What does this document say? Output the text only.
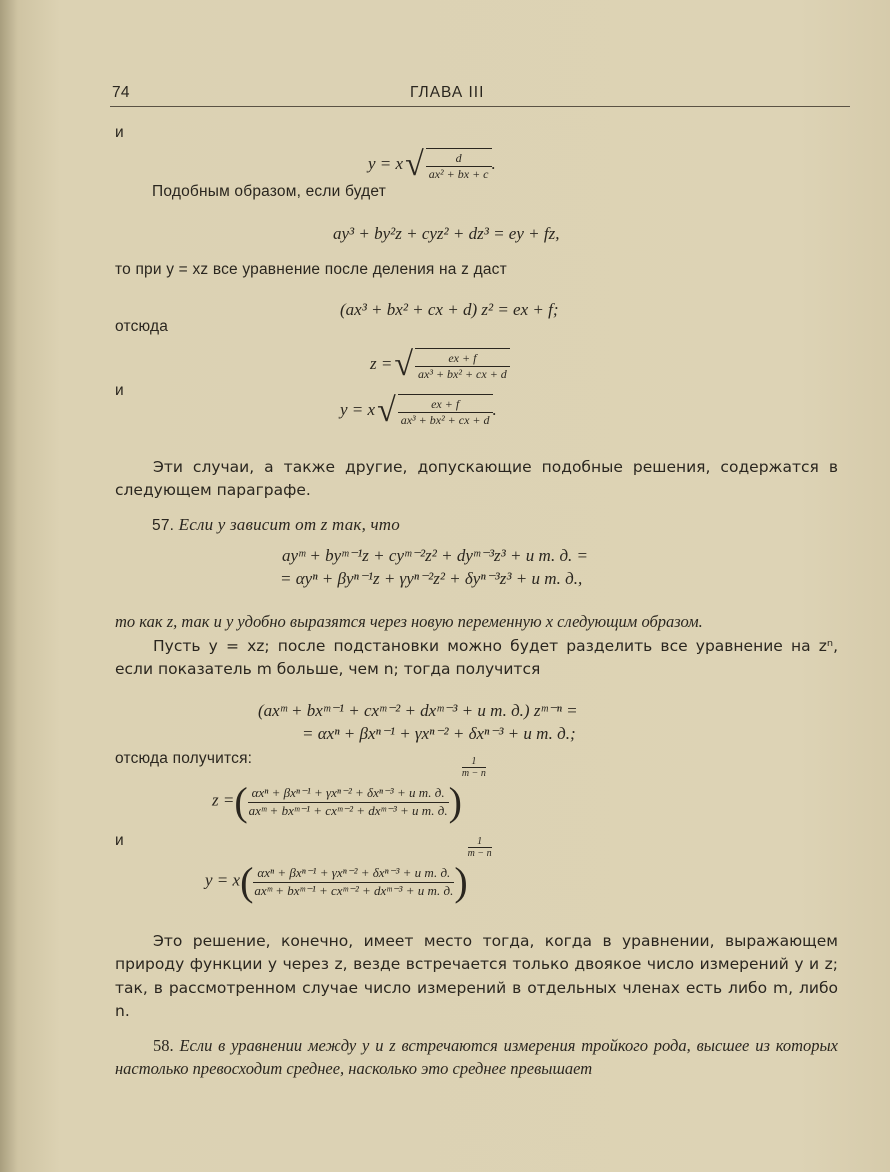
74	ГЛАВА III
и
$y = x√ \frac{d}{\text{ax² + bx + c}}$ .
Подобным образом, если будет
ay³ + by²z + cyz² + dz³ = ey + fz,
то при y = xz все уравнение после деления на z даст
(ax³ + bx² + cx + d) z² = ex + f;
отсюда
z =√ $\frac{ex + f}{\text{ax³ + bx² + cx + d}}$
и
$y = x√ \frac{ex + f}{\text{ax³ + bx² + cx + d}}$ .
Эти случаи, а также другие, допускающие подобные решения, содержатся в следующем параграфе.
57. Если y зависит от z так, что
ayᵐ + byᵐ⁻¹z + cyᵐ⁻²z² + dyᵐ⁻³z³ + и т. д. =
= αyⁿ + βyⁿ⁻¹z + γyⁿ⁻²z² + δyⁿ⁻³z³ + и т. д.,
то как z, так и y удобно выразятся через новую переменную x следующим образом.
Пусть y = xz; после подстановки можно будет разделить все уравнение на zⁿ, если показатель m больше, чем n; тогда получится
(axᵐ + bxᵐ⁻¹ + cxᵐ⁻² + dxᵐ⁻³ + и т. д.) zᵐ⁻ⁿ =
= αxⁿ + βxⁿ⁻¹ + γxⁿ⁻² + δxⁿ⁻³ + и т. д.;
отсюда получится:
z =( αxⁿ + βxⁿ⁻¹ + γxⁿ⁻² + δxⁿ⁻³ + и т. д.
axᵐ + bxᵐ⁻¹ + cxᵐ⁻² + dxᵐ⁻³ + и т. д. )
$\frac{1}{m - n}$
и
y = x( αxⁿ + βxⁿ⁻¹ + γxⁿ⁻² + δxⁿ⁻³ + и т. д.
axᵐ + bxᵐ⁻¹ + cxᵐ⁻² + dxᵐ⁻³ + и т. д. )
$\frac{1}{m - n}$
Это решение, конечно, имеет место тогда, когда в уравнении, выражающем природу функции y через z, везде встречается только двоякое число измерений y и z; так, в рассмотренном случае число измерений в отдельных членах есть либо m, либо n.
58. Если в уравнении между y и z встречаются измерения тройкого рода, высшее из которых настолько превосходит среднее, насколько это среднее превышает
